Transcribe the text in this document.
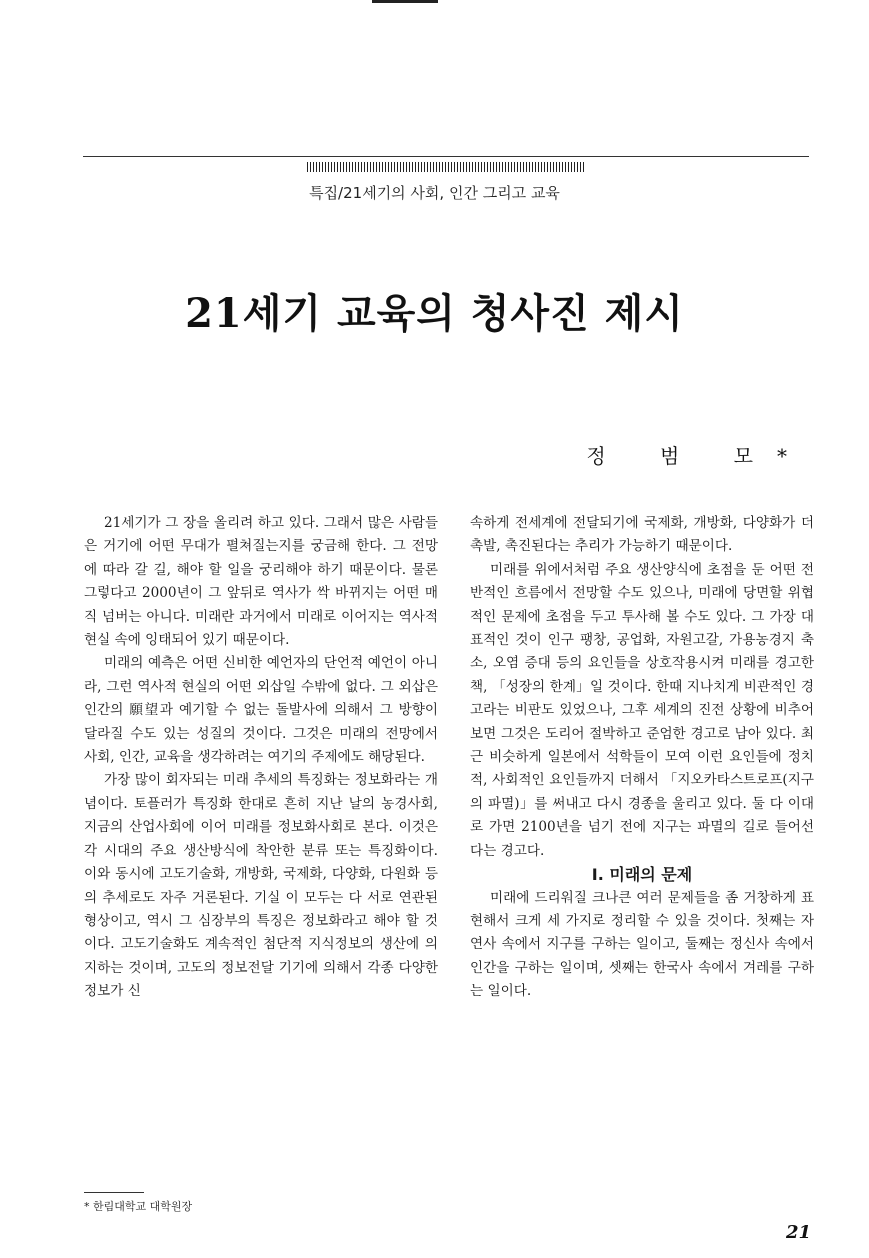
특집/21세기의 사회, 인간 그리고 교육
21세기 교육의 청사진 제시
정 범 모*

21세기가 그 장을 올리려 하고 있다. 그래서 많은 사람들은 거기에 어떤 무대가 펼쳐질는지를 궁금해 한다. 그 전망에 따라 갈 길, 해야 할 일을 궁리해야 하기 때문이다. 물론 그렇다고 2000년이 그 앞뒤로 역사가 싹 바뀌지는 어떤 매직 넘버는 아니다. 미래란 과거에서 미래로 이어지는 역사적 현실 속에 잉태되어 있기 때문이다.

미래의 예측은 어떤 신비한 예언자의 단언적 예언이 아니라, 그런 역사적 현실의 어떤 외삽일 수밖에 없다. 그 외삽은 인간의 願望과 예기할 수 없는 돌발사에 의해서 그 방향이 달라질 수도 있는 성질의 것이다. 그것은 미래의 전망에서 사회, 인간, 교육을 생각하려는 여기의 주제에도 해당된다.

가장 많이 회자되는 미래 추세의 특징화는 정보화라는 개념이다. 토플러가 특징화 한대로 흔히 지난 날의 농경사회, 지금의 산업사회에 이어 미래를 정보화사회로 본다. 이것은 각 시대의 주요 생산방식에 착안한 분류 또는 특징화이다. 이와 동시에 고도기술화, 개방화, 국제화, 다양화, 다원화 등의 추세로도 자주 거론된다. 기실 이 모두는 다 서로 연관된 형상이고, 역시 그 심장부의 특징은 정보화라고 해야 할 것이다. 고도기술화도 계속적인 첨단적 지식정보의 생산에 의지하는 것이며, 고도의 정보전달 기기에 의해서 각종 다양한 정보가 신

속하게 전세계에 전달되기에 국제화, 개방화, 다양화가 더 촉발, 촉진된다는 추리가 가능하기 때문이다.

미래를 위에서처럼 주요 생산양식에 초점을 둔 어떤 전반적인 흐름에서 전망할 수도 있으나, 미래에 당면할 위협적인 문제에 초점을 두고 투사해 볼 수도 있다. 그 가장 대표적인 것이 인구 팽창, 공업화, 자원고갈, 가용농경지 축소, 오염 증대 등의 요인들을 상호작용시켜 미래를 경고한 책, 「성장의 한계」일 것이다. 한때 지나치게 비관적인 경고라는 비판도 있었으나, 그후 세계의 진전 상황에 비추어 보면 그것은 도리어 절박하고 준엄한 경고로 남아 있다. 최근 비슷하게 일본에서 석학들이 모여 이런 요인들에 정치적, 사회적인 요인들까지 더해서 「지오카타스트로프(지구의 파멸)」를 써내고 다시 경종을 울리고 있다. 둘 다 이대로 가면 2100년을 넘기 전에 지구는 파멸의 길로 들어선다는 경고다.

Ⅰ. 미래의 문제

미래에 드리워질 크나큰 여러 문제들을 좀 거창하게 표현해서 크게 세 가지로 정리할 수 있을 것이다. 첫째는 자연사 속에서 지구를 구하는 일이고, 둘째는 정신사 속에서 인간을 구하는 일이며, 셋째는 한국사 속에서 겨레를 구하는 일이다.

* 한림대학교 대학원장
21
